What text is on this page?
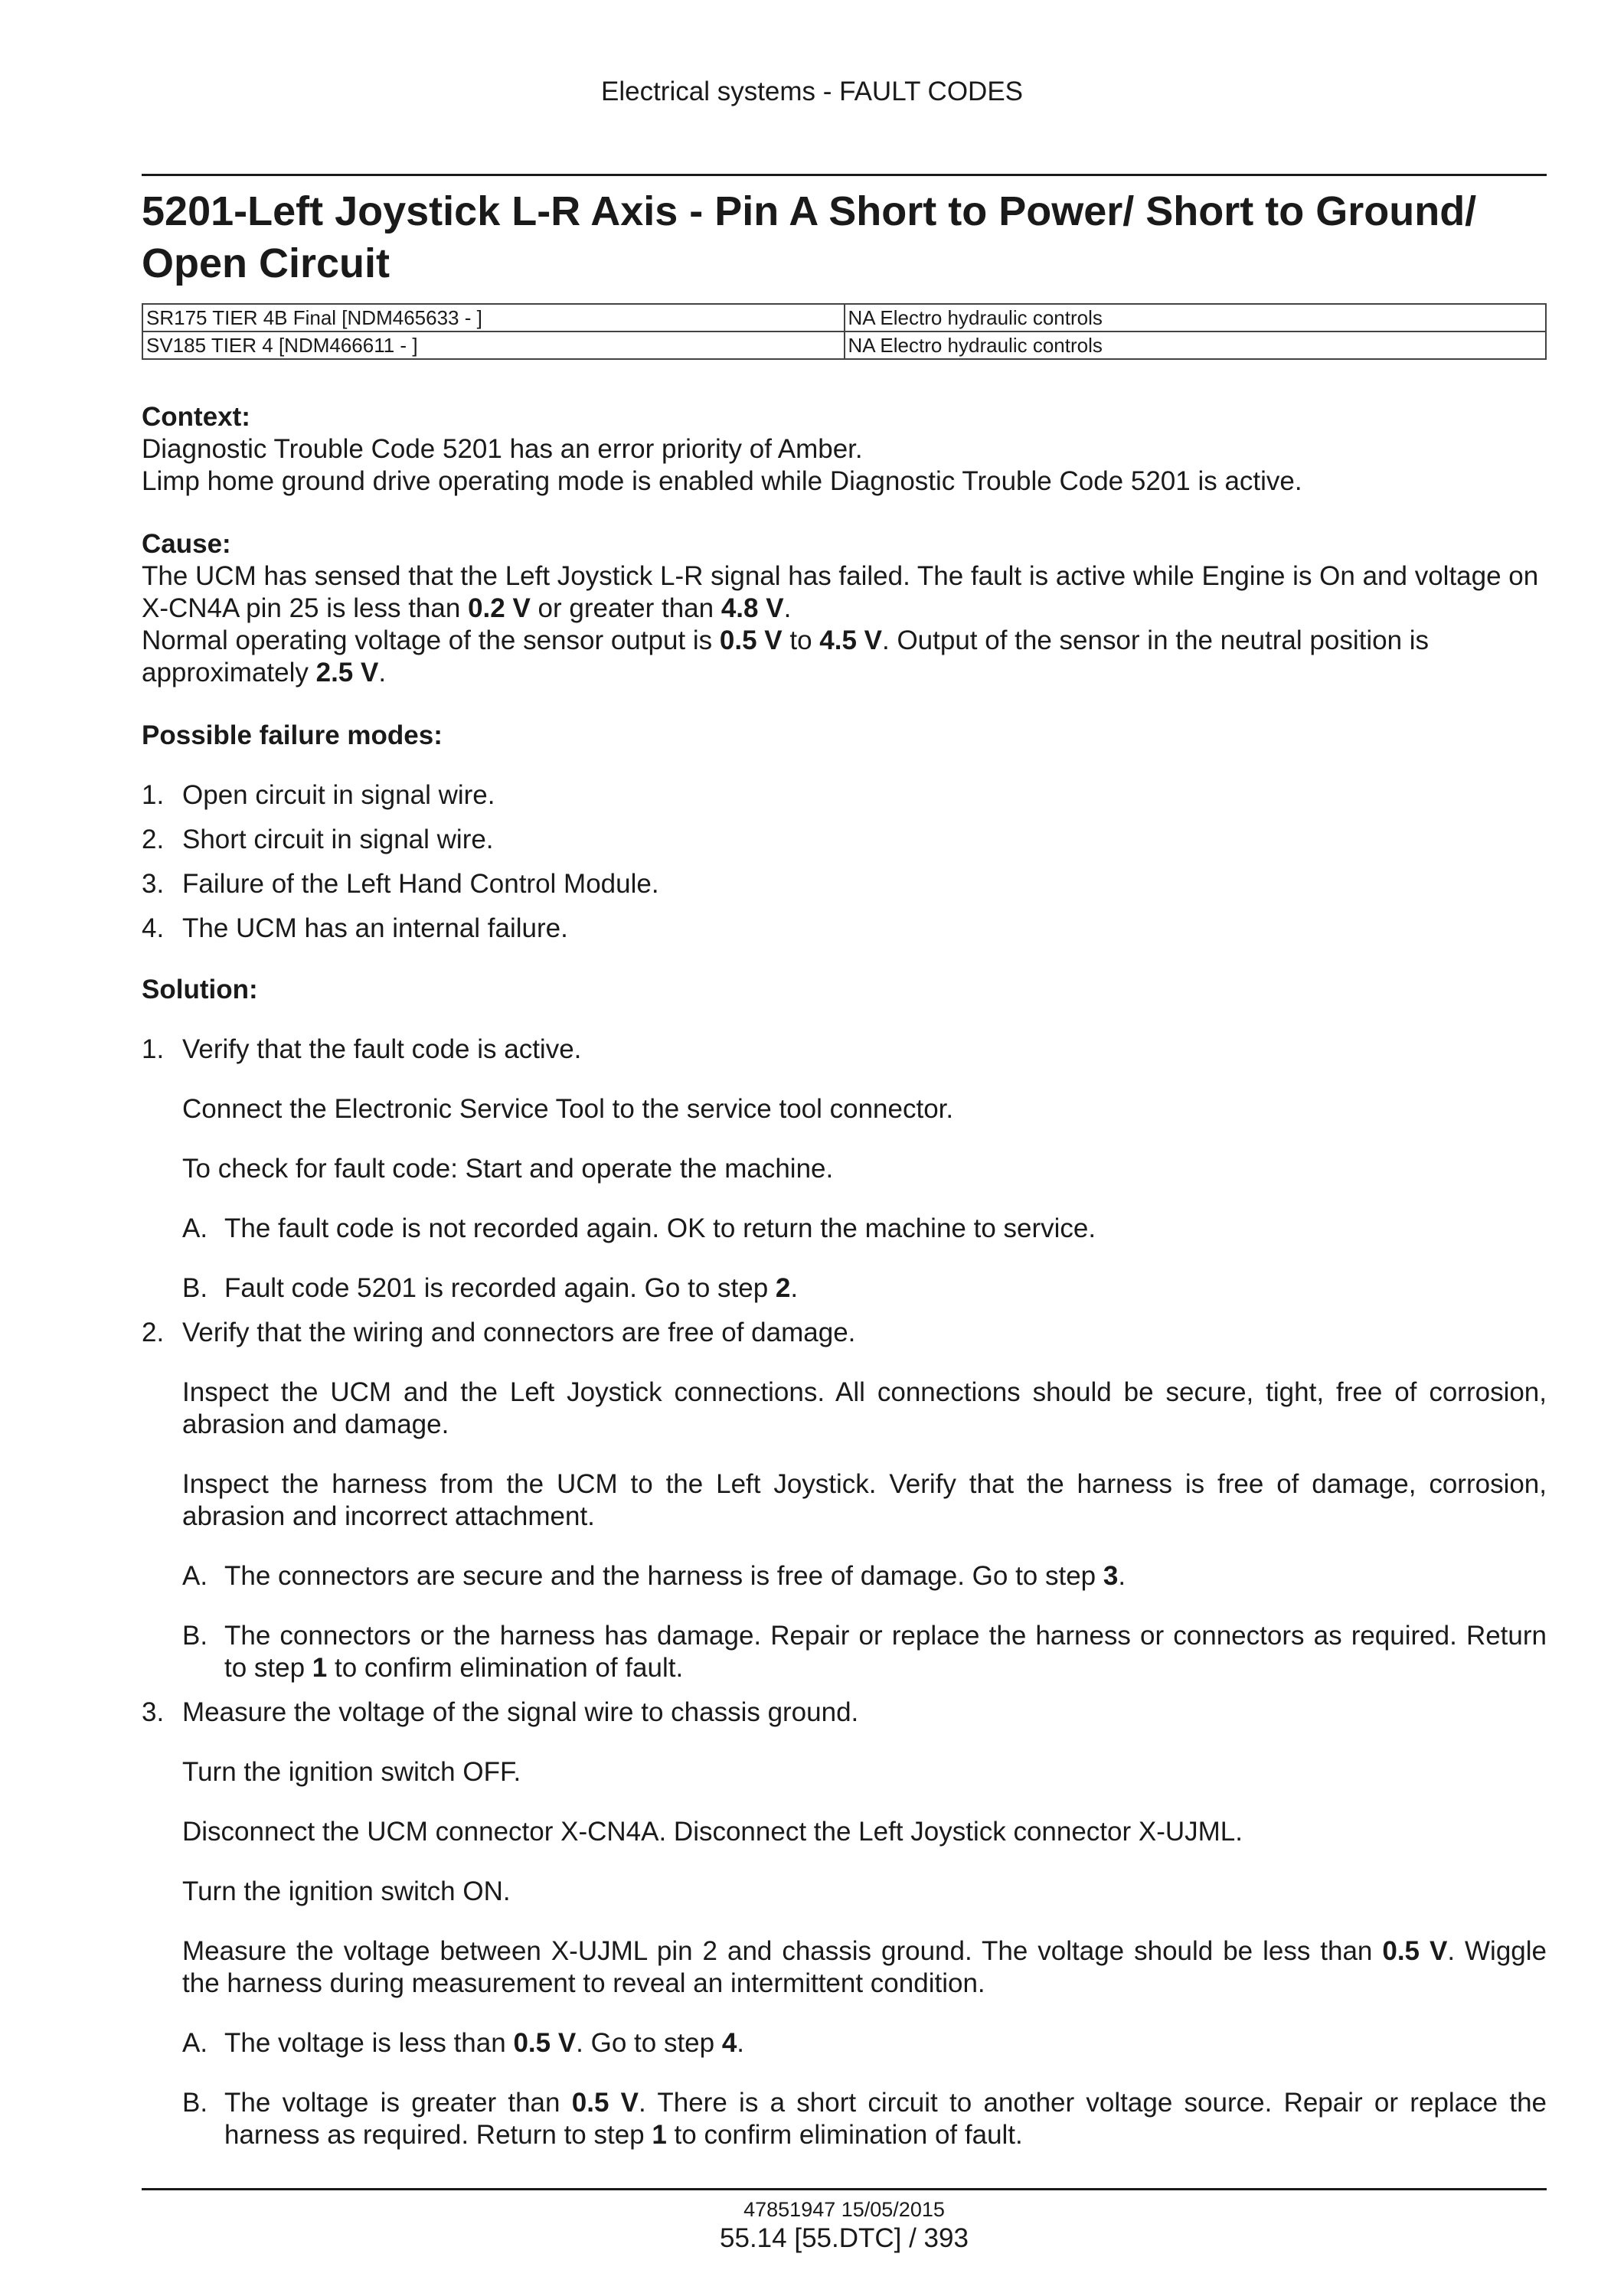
Electrical systems - FAULT CODES
5201-Left Joystick L-R Axis - Pin A Short to Power/ Short to Ground/ Open Circuit
SR175 TIER 4B Final [NDM465633 - ]	NA Electro hydraulic controls
SV185 TIER 4 [NDM466611 - ]	NA Electro hydraulic controls
Context:

Diagnostic Trouble Code 5201 has an error priority of Amber.

Limp home ground drive operating mode is enabled while Diagnostic Trouble Code 5201 is active.

Cause:

The UCM has sensed that the Left Joystick L-R signal has failed. The fault is active while Engine is On and voltage on X-CN4A pin 25 is less than 0.2 V or greater than 4.8 V.

Normal operating voltage of the sensor output is 0.5 V to 4.5 V. Output of the sensor in the neutral position is approximately 2.5 V.

Possible failure modes:
1. Open circuit in signal wire.
2. Short circuit in signal wire.
3. Failure of the Left Hand Control Module.
4. The UCM has an internal failure.
Solution:
1. Verify that the fault code is active.
Connect the Electronic Service Tool to the service tool connector.
To check for fault code: Start and operate the machine.
A. The fault code is not recorded again. OK to return the machine to service.
B. Fault code 5201 is recorded again. Go to step 2.
2. Verify that the wiring and connectors are free of damage.
Inspect the UCM and the Left Joystick connections. All connections should be secure, tight, free of corrosion, abrasion and damage.
Inspect the harness from the UCM to the Left Joystick. Verify that the harness is free of damage, corrosion, abrasion and incorrect attachment.
A. The connectors are secure and the harness is free of damage. Go to step 3.
B. The connectors or the harness has damage. Repair or replace the harness or connectors as required. Return to step 1 to confirm elimination of fault.
3. Measure the voltage of the signal wire to chassis ground.
Turn the ignition switch OFF.
Disconnect the UCM connector X-CN4A. Disconnect the Left Joystick connector X-UJML.
Turn the ignition switch ON.
Measure the voltage between X-UJML pin 2 and chassis ground. The voltage should be less than 0.5 V. Wiggle the harness during measurement to reveal an intermittent condition.
A. The voltage is less than 0.5 V. Go to step 4.
B. The voltage is greater than 0.5 V. There is a short circuit to another voltage source. Repair or replace the harness as required. Return to step 1 to confirm elimination of fault.
47851947 15/05/2015
55.14 [55.DTC] / 393
